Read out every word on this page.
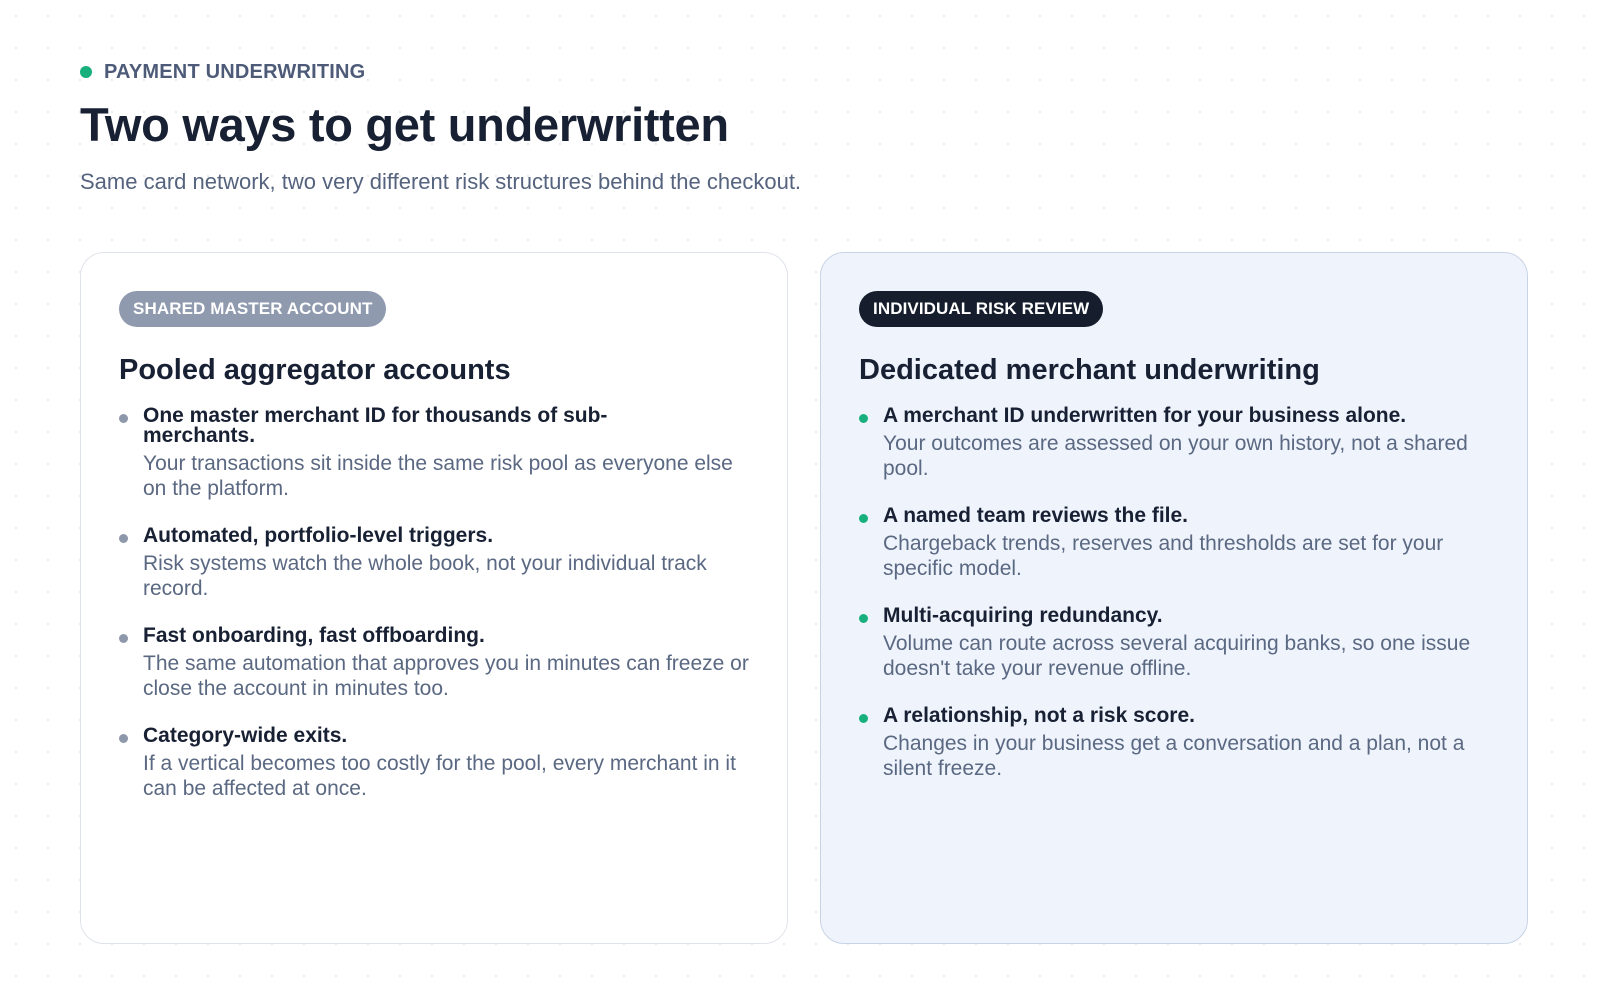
PAYMENT UNDERWRITING
Two ways to get underwritten

Same card network, two very different risk structures behind the checkout.

SHARED MASTER ACCOUNT
Pooled aggregator accounts
One master merchant ID for thousands of sub-merchants.
Your transactions sit inside the same risk pool as everyone else on the platform.
Automated, portfolio-level triggers.
Risk systems watch the whole book, not your individual track record.
Fast onboarding, fast offboarding.
The same automation that approves you in minutes can freeze or close the account in minutes too.
Category-wide exits.
If a vertical becomes too costly for the pool, every merchant in it can be affected at once.
INDIVIDUAL RISK REVIEW
Dedicated merchant underwriting
A merchant ID underwritten for your business alone.
Your outcomes are assessed on your own history, not a shared pool.
A named team reviews the file.
Chargeback trends, reserves and thresholds are set for your specific model.
Multi-acquiring redundancy.
Volume can route across several acquiring banks, so one issue doesn't take your revenue offline.
A relationship, not a risk score.
Changes in your business get a conversation and a plan, not a silent freeze.
